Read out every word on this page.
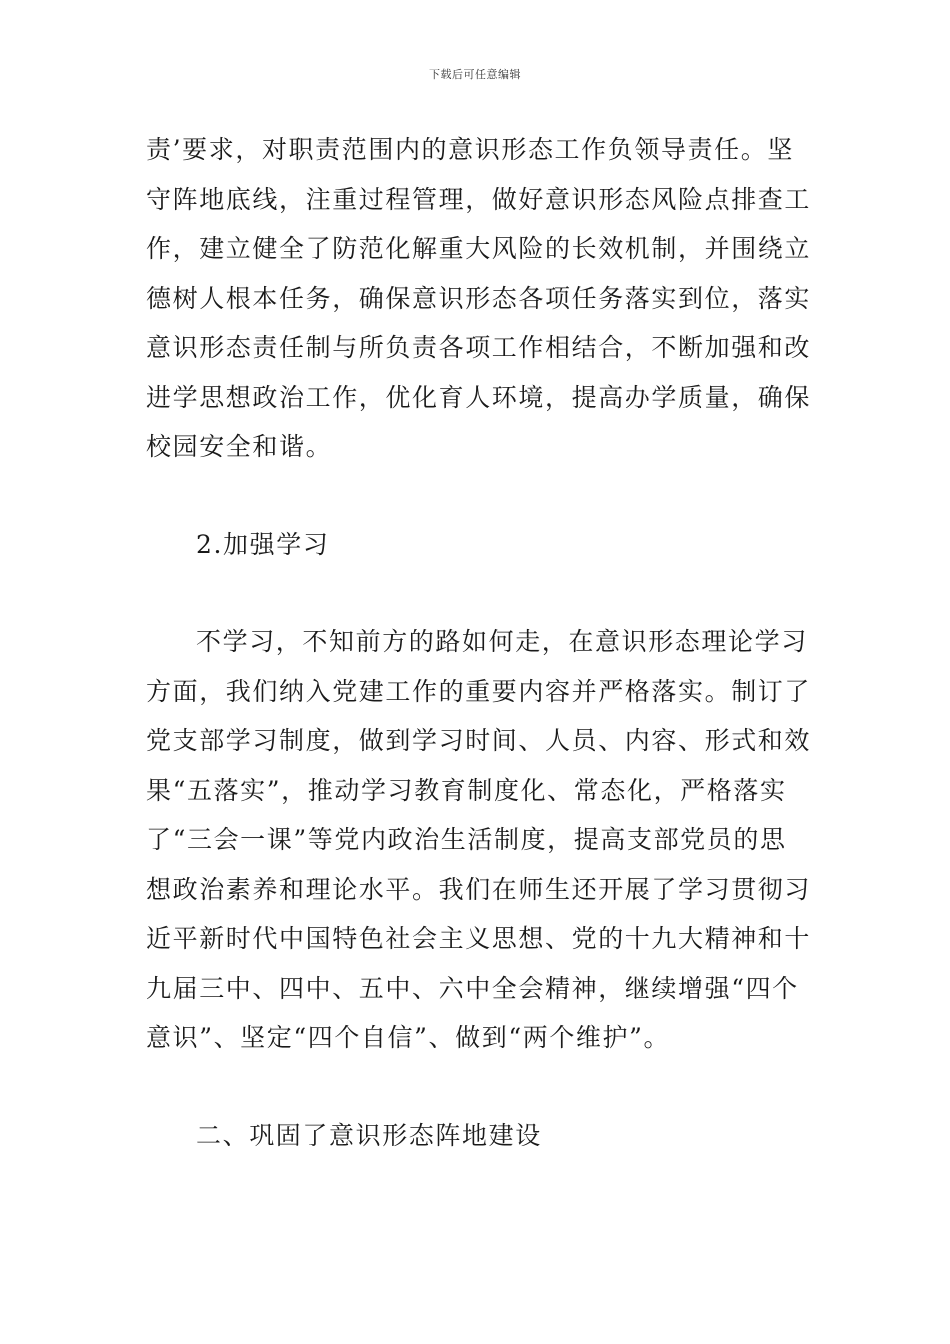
下载后可任意编辑

责’要求，对职责范围内的意识形态工作负领导责任。坚
守阵地底线，注重过程管理，做好意识形态风险点排查工
作，建立健全了防范化解重大风险的长效机制，并围绕立
德树人根本任务，确保意识形态各项任务落实到位，落实
意识形态责任制与所负责各项工作相结合，不断加强和改
进学思想政治工作，优化育人环境，提高办学质量，确保
校园安全和谐。

2.加强学习

不学习，不知前方的路如何走，在意识形态理论学习
方面，我们纳入党建工作的重要内容并严格落实。制订了
党支部学习制度，做到学习时间、人员、内容、形式和效
果“五落实”，推动学习教育制度化、常态化，严格落实
了“三会一课”等党内政治生活制度，提高支部党员的思
想政治素养和理论水平。我们在师生还开展了学习贯彻习
近平新时代中国特色社会主义思想、党的十九大精神和十
九届三中、四中、五中、六中全会精神，继续增强“四个
意识”、坚定“四个自信”、做到“两个维护”。

二、巩固了意识形态阵地建设
